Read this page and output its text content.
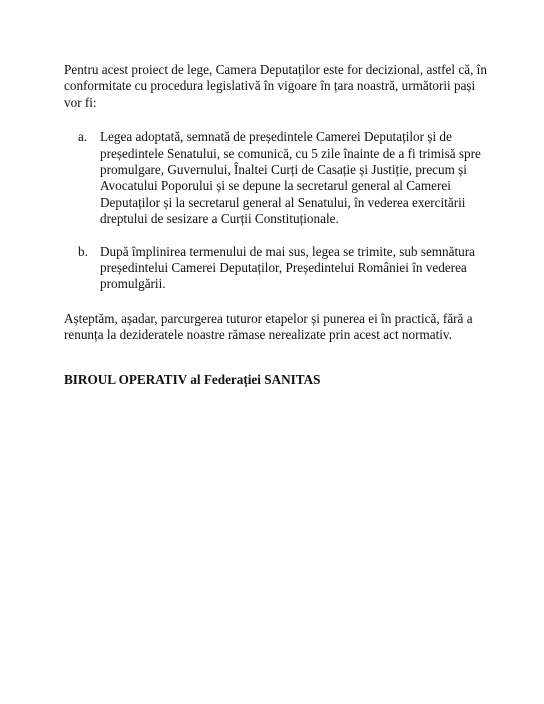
Pentru acest proiect de lege, Camera Deputaților este for decizional, astfel că, în conformitate cu procedura legislativă în vigoare în țara noastră, următorii pași vor fi:

a. Legea adoptată, semnată de președintele Camerei Deputaților și de președintele Senatului, se comunică, cu 5 zile înainte de a fi trimisă spre promulgare, Guvernului, Înaltei Curți de Casație și Justiție, precum și Avocatului Poporului și se depune la secretarul general al Camerei Deputaților și la secretarul general al Senatului, în vederea exercitării dreptului de sesizare a Curții Constituționale.
b. După împlinirea termenului de mai sus, legea se trimite, sub semnătura președintelui Camerei Deputaților, Președintelui României în vederea promulgării.

Așteptăm, așadar, parcurgerea tuturor etapelor și punerea ei în practică, fără a renunța la dezideratele noastre rămase nerealizate prin acest act normativ.

BIROUL OPERATIV al Federației SANITAS
